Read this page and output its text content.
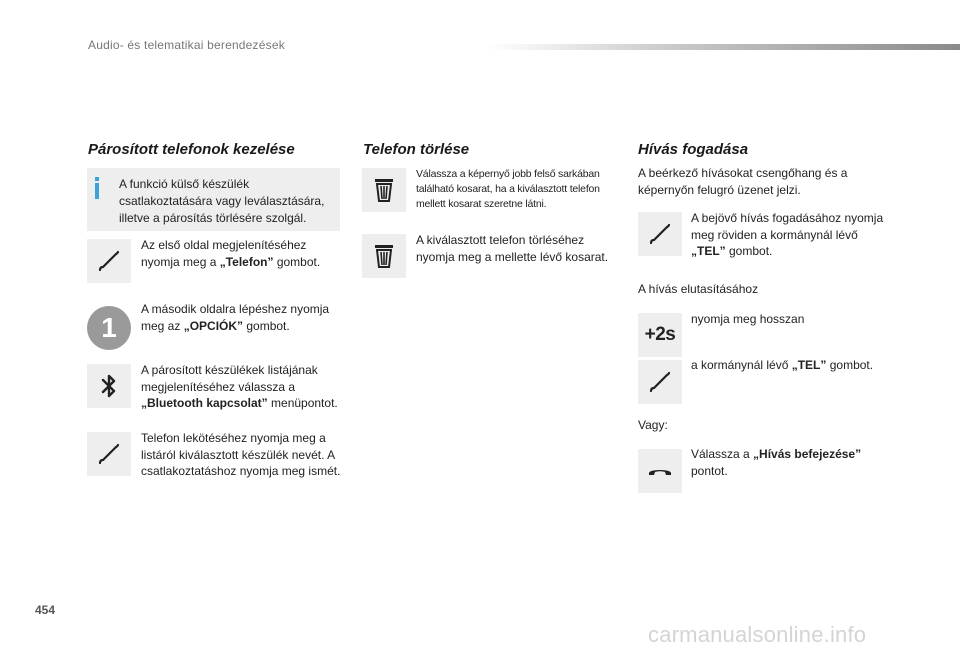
Audio- és telematikai berendezések
Párosított telefonok kezelése
A funkció külső készülék csatlakoztatására vagy leválasztására, illetve a párosítás törlésére szolgál.
Az első oldal megjelenítéséhez nyomja meg a „Telefon” gombot.
1
A második oldalra lépéshez nyomja meg az „OPCIÓK” gombot.
A párosított készülékek listájának megjelenítéséhez válassza a „Bluetooth kapcsolat” menüpontot.
Telefon lekötéséhez nyomja meg a listáról kiválasztott készülék nevét. A csatlakoztatáshoz nyomja meg ismét.
Telefon törlése
Válassza a képernyő jobb felső sarkában található kosarat, ha a kiválasztott telefon mellett kosarat szeretne látni.
A kiválasztott telefon törléséhez nyomja meg a mellette lévő kosarat.
Hívás fogadása
A beérkező hívásokat csengőhang és a képernyőn felugró üzenet jelzi.
A bejövő hívás fogadásához nyomja meg röviden a kormánynál lévő „TEL” gombot.
A hívás elutasításához
+2s
nyomja meg hosszan
a kormánynál lévő „TEL” gombot.
Vagy:
Válassza a „Hívás befejezése” pontot.
454
carmanualsonline.info
